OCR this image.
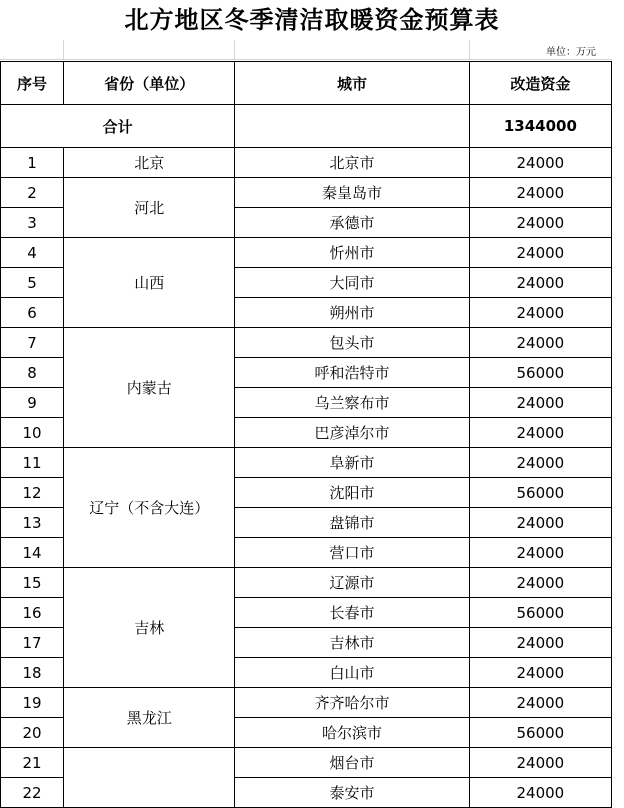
北方地区冬季清洁取暖资金预算表
单位：万元
序号	省份（单位）	城市	改造资金
合计			1344000
1	北京	北京市	24000
2	河北	秦皇岛市	24000
3		承德市	24000
4	山西	忻州市	24000
5		大同市	24000
6		朔州市	24000
7	内蒙古	包头市	24000
8		呼和浩特市	56000
9		乌兰察布市	24000
10		巴彦淖尔市	24000
11	辽宁（不含大连）	阜新市	24000
12		沈阳市	56000
13		盘锦市	24000
14		营口市	24000
15	吉林	辽源市	24000
16		长春市	56000
17		吉林市	24000
18		白山市	24000
19	黑龙江	齐齐哈尔市	24000
20		哈尔滨市	56000
21		烟台市	24000
22		泰安市	24000
